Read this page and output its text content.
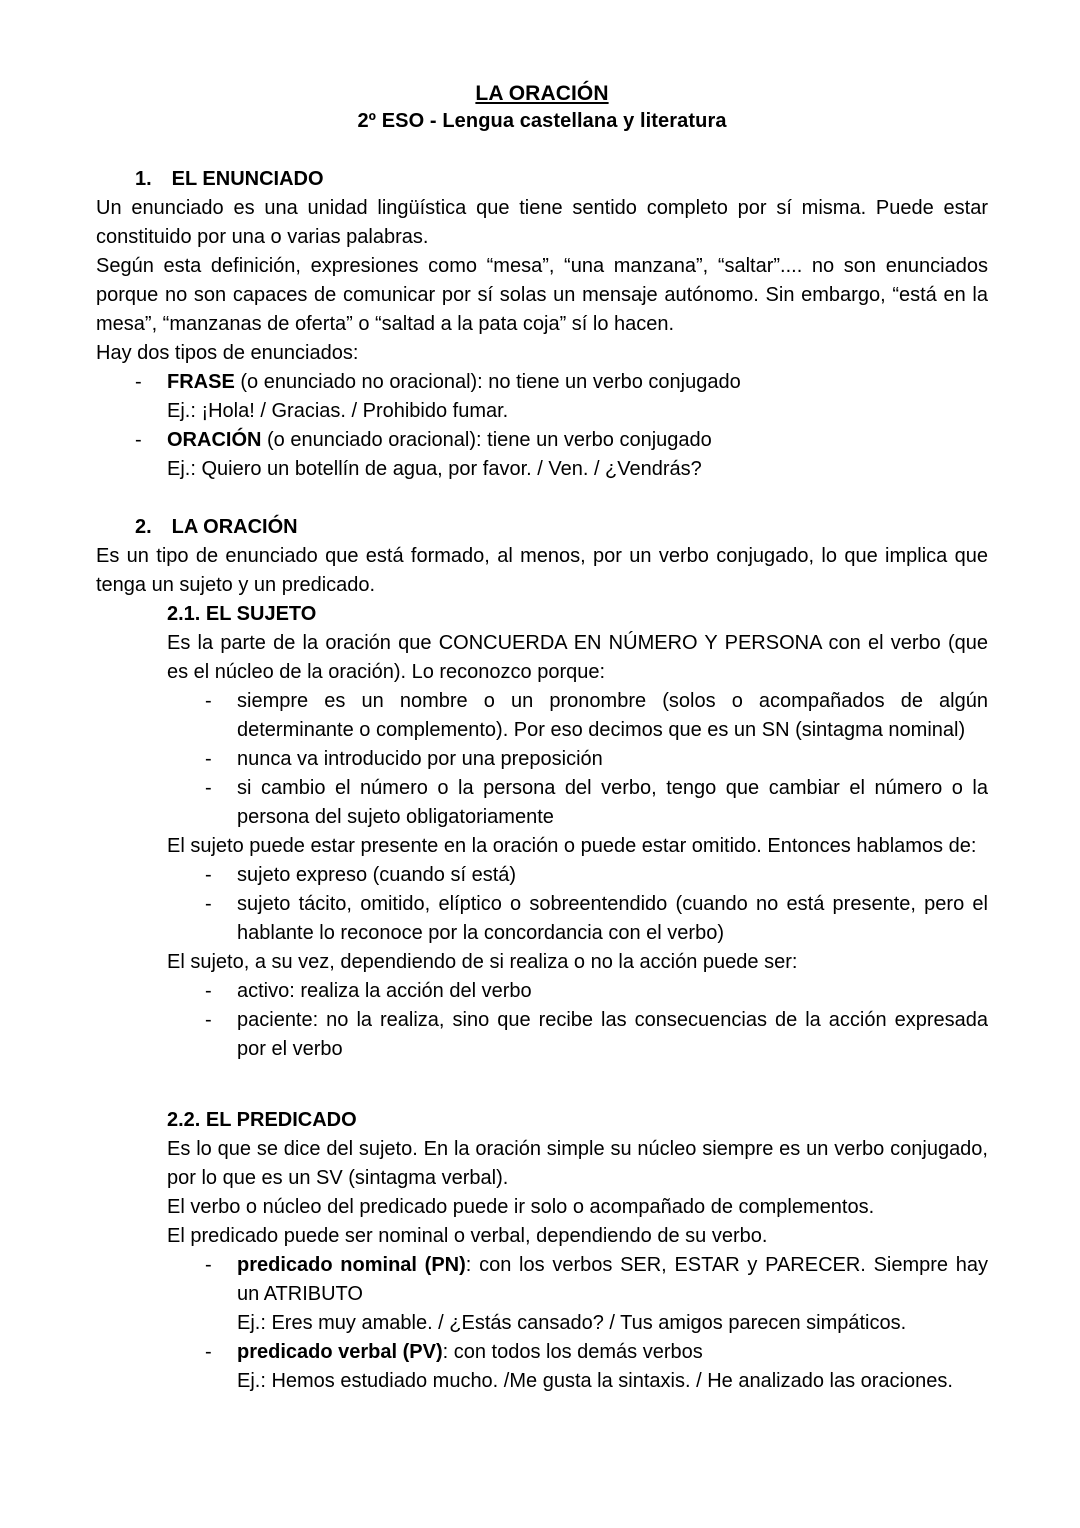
LA ORACIÓN
2º ESO - Lengua castellana y literatura
1. EL ENUNCIADO

Un enunciado es una unidad lingüística que tiene sentido completo por sí misma. Puede estar constituido por una o varias palabras.

Según esta definición, expresiones como “mesa”, “una manzana”, “saltar”.... no son enunciados porque no son capaces de comunicar por sí solas un mensaje autónomo. Sin embargo, “está en la mesa”, “manzanas de oferta” o “saltad a la pata coja” sí lo hacen.

Hay dos tipos de enunciados:

-	FRASE (o enunciado no oracional): no tiene un verbo conjugado
Ej.: ¡Hola! / Gracias. / Prohibido fumar.
-	ORACIÓN (o enunciado oracional): tiene un verbo conjugado
Ej.: Quiero un botellín de agua, por favor. / Ven. / ¿Vendrás?
2. LA ORACIÓN

Es un tipo de enunciado que está formado, al menos, por un verbo conjugado, lo que implica que tenga un sujeto y un predicado.

2.1. EL SUJETO

Es la parte de la oración que CONCUERDA EN NÚMERO Y PERSONA con el verbo (que es el núcleo de la oración). Lo reconozco porque:

-	siempre es un nombre o un pronombre (solos o acompañados de algún determinante o complemento). Por eso decimos que es un SN (sintagma nominal)
-	nunca va introducido por una preposición
-	si cambio el número o la persona del verbo, tengo que cambiar el número o la persona del sujeto obligatoriamente

El sujeto puede estar presente en la oración o puede estar omitido. Entonces hablamos de:

-	sujeto expreso (cuando sí está)
-	sujeto tácito, omitido, elíptico o sobreentendido (cuando no está presente, pero el hablante lo reconoce por la concordancia con el verbo)

El sujeto, a su vez, dependiendo de si realiza o no la acción puede ser:

-	activo: realiza la acción del verbo
-	paciente: no la realiza, sino que recibe las consecuencias de la acción expresada por el verbo
2.2. EL PREDICADO

Es lo que se dice del sujeto. En la oración simple su núcleo siempre es un verbo conjugado, por lo que es un SV (sintagma verbal).

El verbo o núcleo del predicado puede ir solo o acompañado de complementos.

El predicado puede ser nominal o verbal, dependiendo de su verbo.

-	predicado nominal (PN): con los verbos SER, ESTAR y PARECER. Siempre hay un ATRIBUTO
Ej.: Eres muy amable. / ¿Estás cansado? / Tus amigos parecen simpáticos.
-	predicado verbal (PV): con todos los demás verbos
Ej.: Hemos estudiado mucho. /Me gusta la sintaxis. / He analizado las oraciones.
